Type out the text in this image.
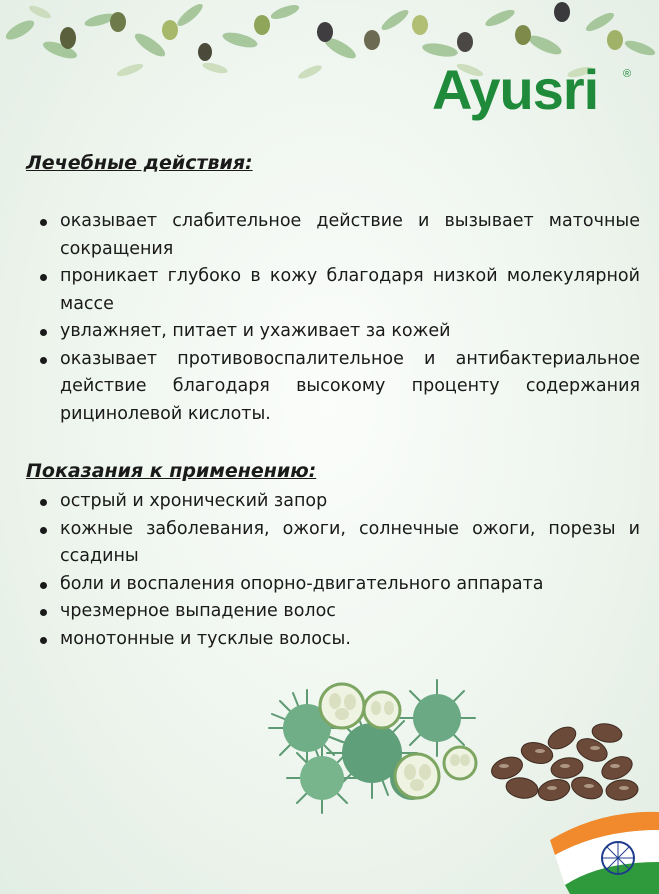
Ayusri ®
Лечебные действия:
оказывает слабительное действие и вызывает маточные сокращения
проникает глубоко в кожу благодаря низкой молекулярной массе
увлажняет, питает и ухаживает за кожей
оказывает противовоспалительное и антибактериальное действие благодаря высокому проценту содержания рицинолевой кислоты.
Показания к применению:
острый и хронический запор
кожные заболевания, ожоги, солнечные ожоги, порезы и ссадины
боли и воспаления опорно-двигательного аппарата
чрезмерное выпадение волос
монотонные и тусклые волосы.
